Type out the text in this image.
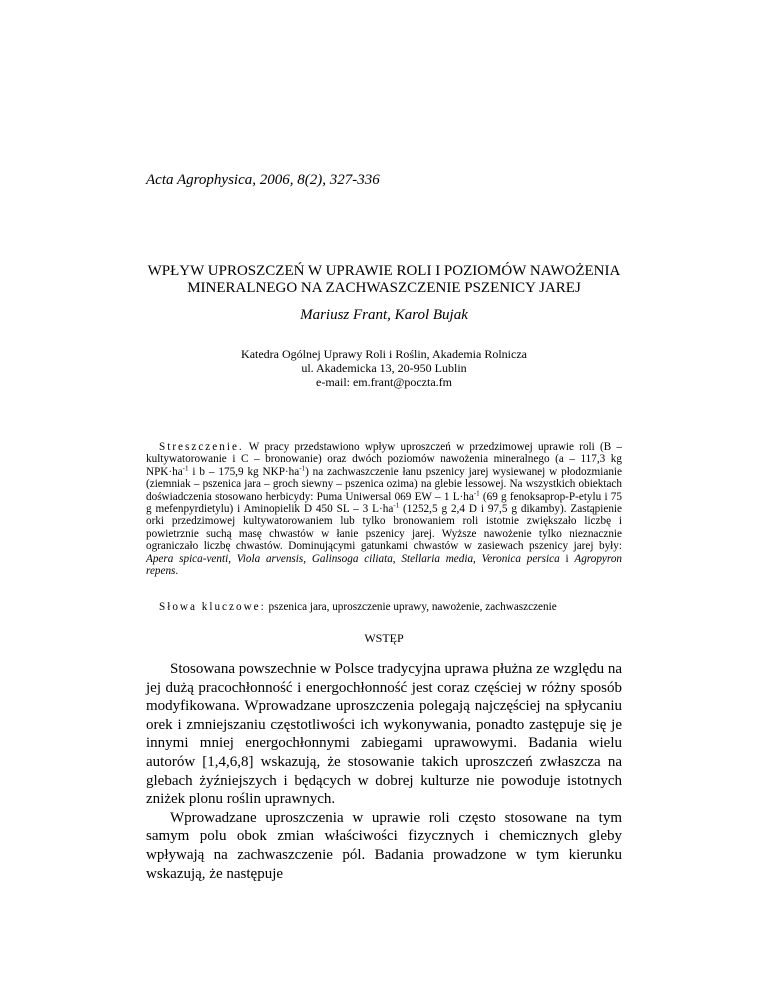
Acta Agrophysica, 2006, 8(2), 327-336
WPŁYW UPROSZCZEŃ W UPRAWIE ROLI I POZIOMÓW NAWOŻENIA
MINERALNEGO NA ZACHWASZCZENIE PSZENICY JAREJ
Mariusz Frant, Karol Bujak
Katedra Ogólnej Uprawy Roli i Roślin, Akademia Rolnicza
ul. Akademicka 13, 20-950 Lublin
e-mail: em.frant@poczta.fm
Streszczenie. W pracy przedstawiono wpływ uproszczeń w przedzimowej uprawie roli (B – kultywatorowanie i C – bronowanie) oraz dwóch poziomów nawożenia mineralnego (a – 117,3 kg $NPK\cdot ha^{-1}$ i b – 175,9 kg $NKP\cdot ha^{-1}$) na zachwaszczenie łanu pszenicy jarej wysiewanej w płodozmianie (ziemniak – pszenica jara – groch siewny – pszenica ozima) na glebie lessowej. Na wszystkich obiektach doświadczenia stosowano herbicydy: Puma Uniwersal 069 EW – 1 $L\cdot ha^{-1}$ (69 g fenoksaprop-P-etylu i 75 g mefenpyrdietylu) i Aminopielik D 450 SL – 3 $L\cdot ha^{-1}$ (1252,5 g 2,4 D i 97,5 g dikamby). Zastąpienie orki przedzimowej kultywatorowaniem lub tylko bronowaniem roli istotnie zwiększało liczbę i powietrznie suchą masę chwastów w łanie pszenicy jarej. Wyższe nawożenie tylko nieznacznie ograniczało liczbę chwastów. Dominującymi gatunkami chwastów w zasiewach pszenicy jarej były: Apera spica-venti, Viola arvensis, Galinsoga ciliata, Stellaria media, Veronica persica i Agropyron repens.
Słowa kluczowe: pszenica jara, uproszczenie uprawy, nawożenie, zachwaszczenie
WSTĘP

Stosowana powszechnie w Polsce tradycyjna uprawa płużna ze względu na jej dużą pracochłonność i energochłonność jest coraz częściej w różny sposób modyfikowana. Wprowadzane uproszczenia polegają najczęściej na spłycaniu orek i zmniejszaniu częstotliwości ich wykonywania, ponadto zastępuje się je innymi mniej energochłonnymi zabiegami uprawowymi. Badania wielu autorów [1,4,6,8] wskazują, że stosowanie takich uproszczeń zwłaszcza na glebach żyźniejszych i będących w dobrej kulturze nie powoduje istotnych zniżek plonu roślin uprawnych.

Wprowadzane uproszczenia w uprawie roli często stosowane na tym samym polu obok zmian właściwości fizycznych i chemicznych gleby wpływają na zachwaszczenie pól. Badania prowadzone w tym kierunku wskazują, że następuje
